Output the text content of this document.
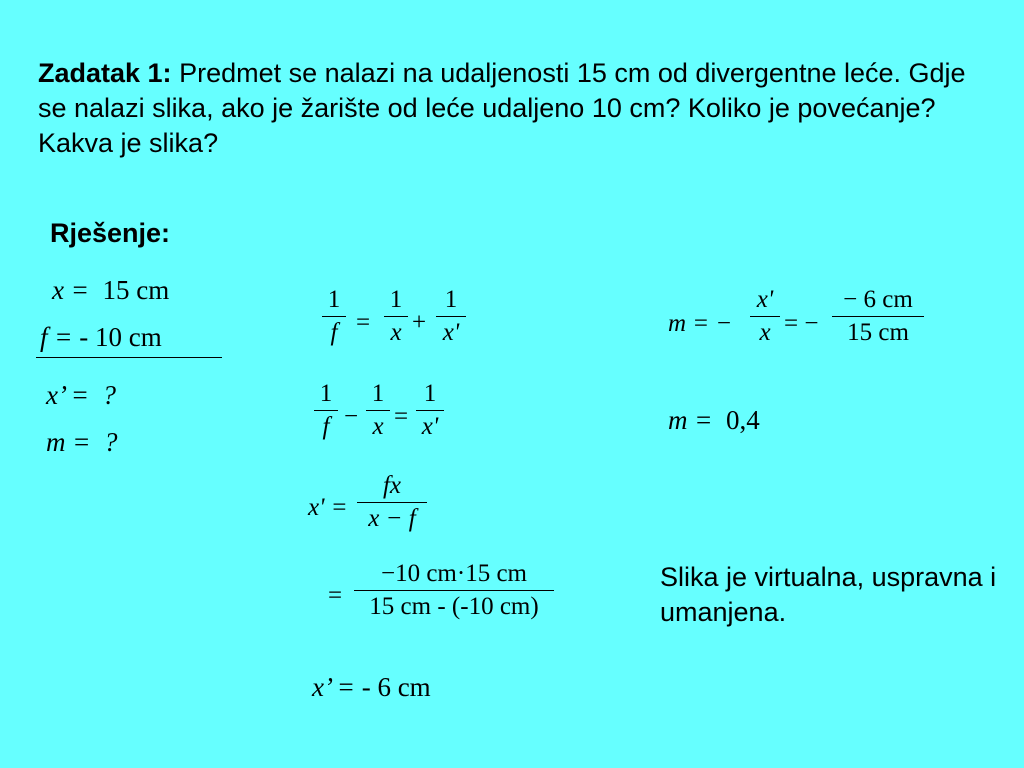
Zadatak 1: Predmet se nalazi na udaljenosti 15 cm od divergentne leće. Gdje se nalazi slika, ako je žarište od leće udaljeno 10 cm? Koliko je povećanje? Kakva je slika?
Rješenje:
x = 15 cm
f = - 10 cm
x’ = ?
m = ?
1
f =
1
x +
1
x'
1
f −
1
x =
1
x'
x' =
fx
x − f
=
−10 cm·15 cm
15 cm - (-10 cm)
x’ = - 6 cm
m = −
x'
x = −
− 6 cm
15 cm
m = 0,4
Slika je virtualna, uspravna i umanjena.
